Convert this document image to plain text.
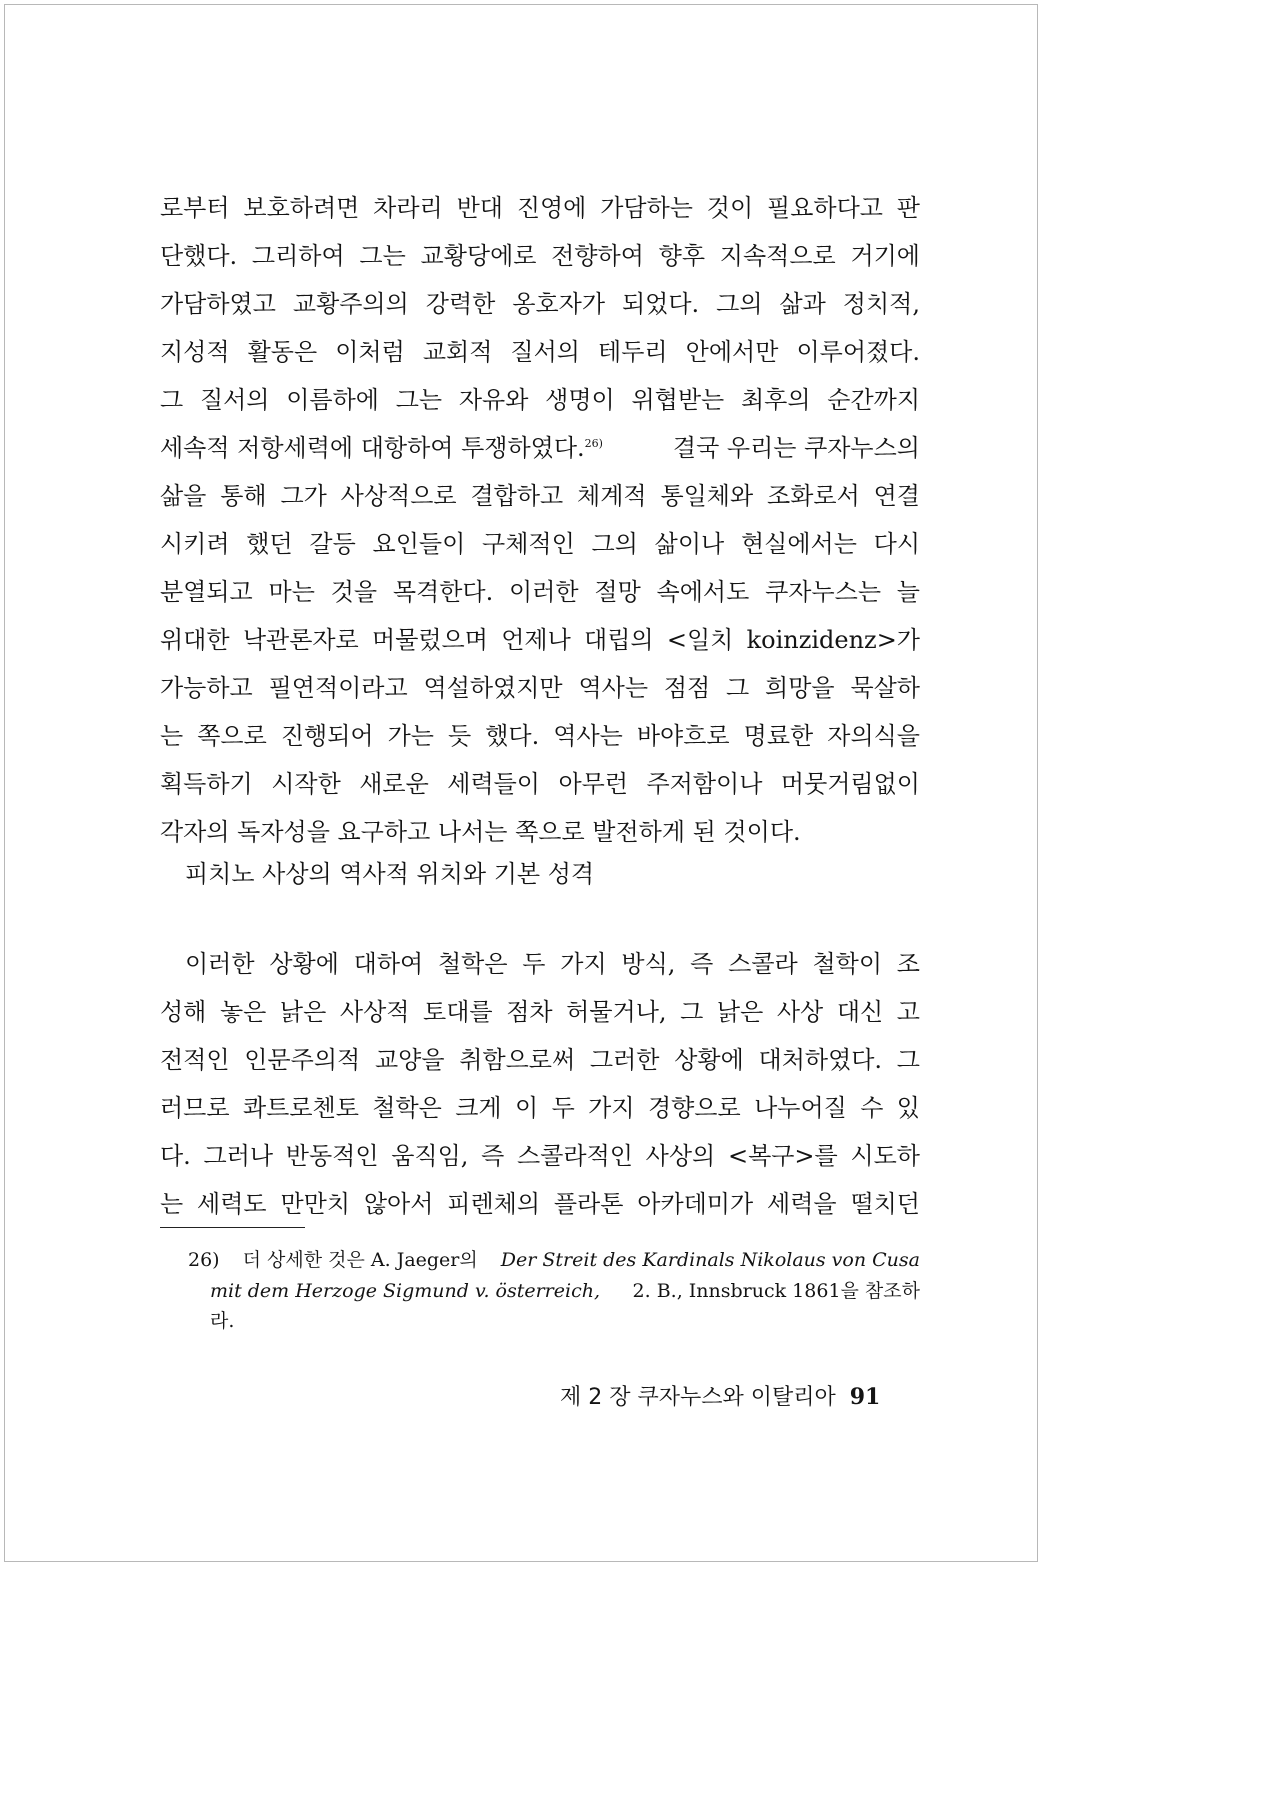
로부터 보호하려면 차라리 반대 진영에 가담하는 것이 필요하다고 판
단했다. 그리하여 그는 교황당에로 전향하여 향후 지속적으로 거기에
가담하였고 교황주의의 강력한 옹호자가 되었다. 그의 삶과 정치적,
지성적 활동은 이처럼 교회적 질서의 테두리 안에서만 이루어졌다.
그 질서의 이름하에 그는 자유와 생명이 위협받는 최후의 순간까지
세속적 저항세력에 대항하여 투쟁하였다.$^{26)}$	결국 우리는 쿠자누스의
삶을 통해 그가 사상적으로 결합하고 체계적 통일체와 조화로서 연결
시키려 했던 갈등 요인들이 구체적인 그의 삶이나 현실에서는 다시
분열되고 마는 것을 목격한다. 이러한 절망 속에서도 쿠자누스는 늘
위대한 낙관론자로 머물렀으며 언제나 대립의 <일치 koinzidenz>가
가능하고 필연적이라고 역설하였지만 역사는 점점 그 희망을 묵살하
는 쪽으로 진행되어 가는 듯 했다. 역사는 바야흐로 명료한 자의식을
획득하기 시작한 새로운 세력들이 아무런 주저함이나 머뭇거림없이
각자의 독자성을 요구하고 나서는 쪽으로 발전하게 된 것이다.
피치노 사상의 역사적 위치와 기본 성격
이러한 상황에 대하여 철학은 두 가지 방식, 즉 스콜라 철학이 조
성해 놓은 낡은 사상적 토대를 점차 허물거나, 그 낡은 사상 대신 고
전적인 인문주의적 교양을 취함으로써 그러한 상황에 대처하였다. 그
러므로 콰트로첸토 철학은 크게 이 두 가지 경향으로 나누어질 수 있
다. 그러나 반동적인 움직임, 즉 스콜라적인 사상의 <복구>를 시도하
는 세력도 만만치 않아서 피렌체의 플라톤 아카데미가 세력을 떨치던
26) 더 상세한 것은 A. Jaeger의 Der Streit des Kardinals Nikolaus von Cusa
mit dem Herzoge Sigmund v. österreich, 2. B., Innsbruck 1861을 참조하
라.
제 2 장 쿠자누스와 이탈리아 91
